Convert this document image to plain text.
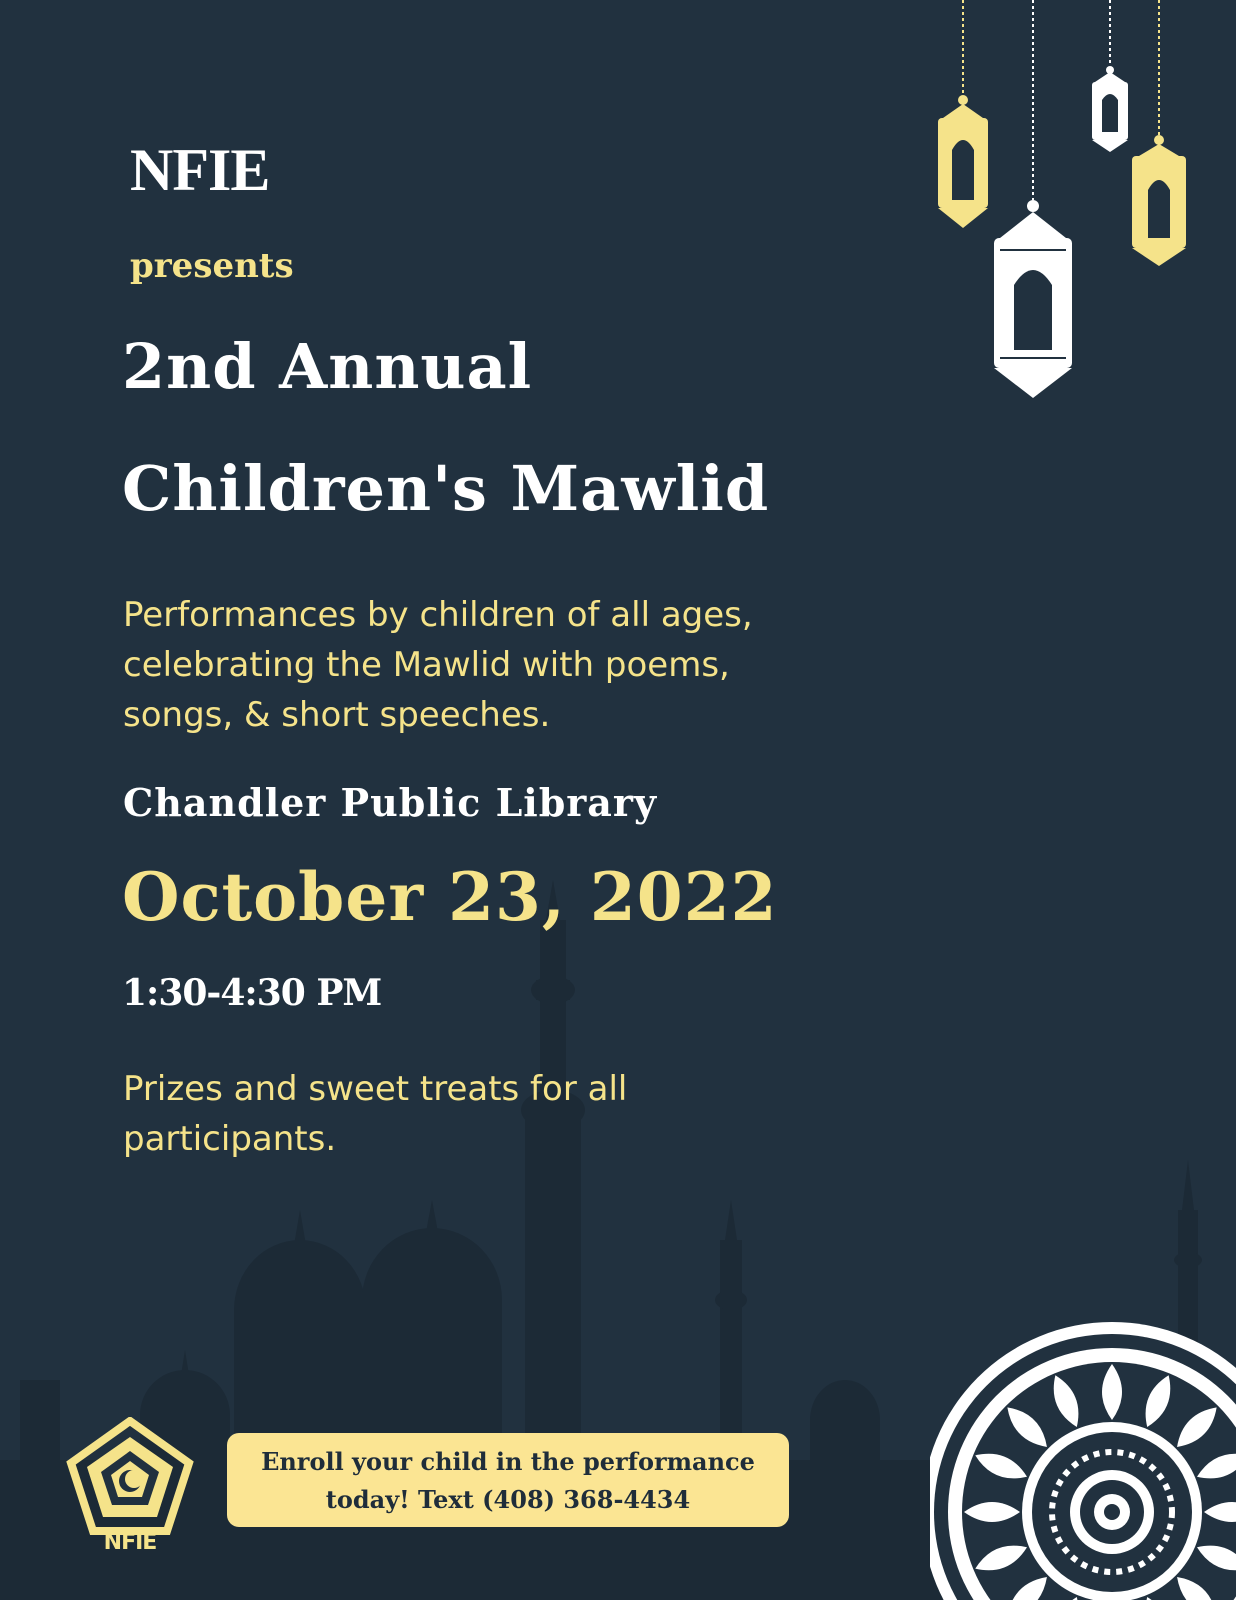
NFIE
presents
2nd Annual
Children's Mawlid
Performances by children of all ages, celebrating the Mawlid with poems, songs, & short speeches.
Chandler Public Library
October 23, 2022
1:30-4:30 PM
Prizes and sweet treats for all participants.
NFIE
Enroll your child in the performance
today! Text (408) 368-4434
